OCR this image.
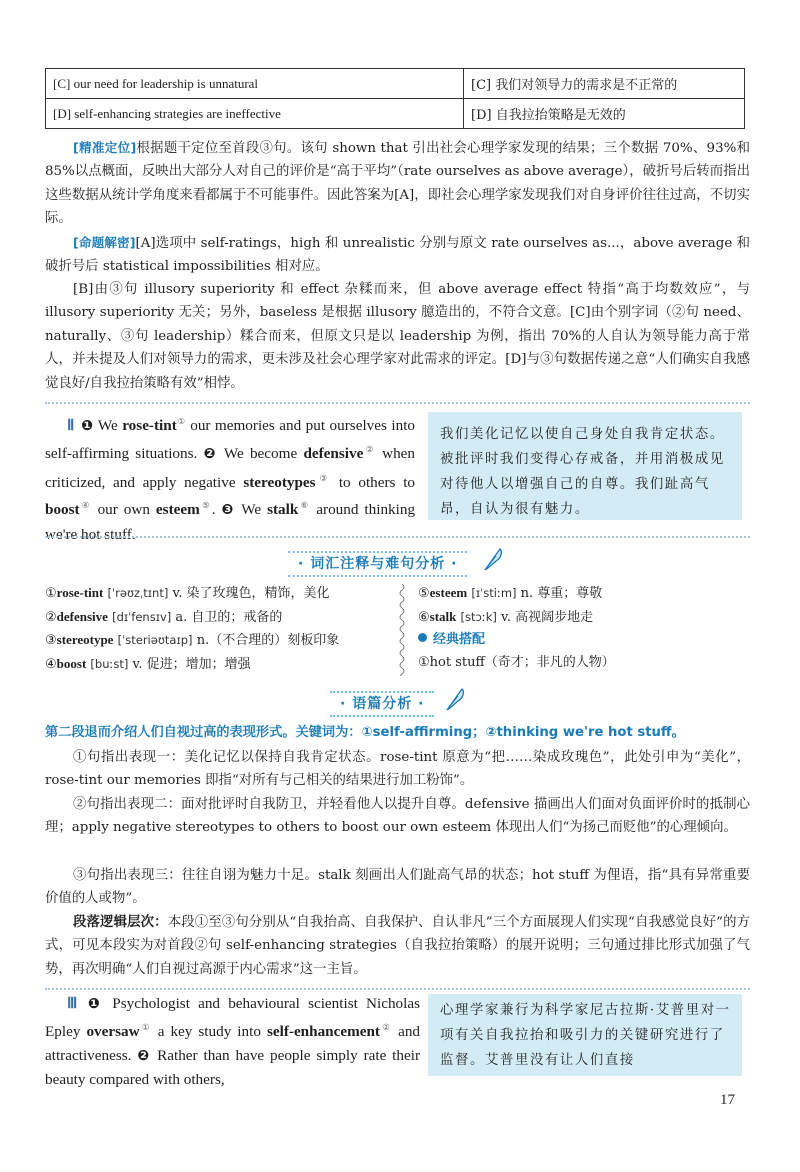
[C] our need for leadership is unnatural	[C] 我们对领导力的需求是不正常的
[D] self-enhancing strategies are ineffective	[D] 自我拉抬策略是无效的

[精准定位]根据题干定位至首段③句。该句 shown that 引出社会心理学家发现的结果；三个数据 70%、93%和 85%以点概面，反映出大部分人对自己的评价是“高于平均”（rate ourselves as above average），破折号后转而指出这些数据从统计学角度来看都属于不可能事件。因此答案为[A]，即社会心理学家发现我们对自身评价往往过高，不切实际。

[命题解密][A]选项中 self-ratings，high 和 unrealistic 分别与原文 rate ourselves as...，above average 和破折号后 statistical impossibilities 相对应。

[B]由③句 illusory superiority 和 effect 杂糅而来，但 above average effect 特指“高于均数效应”，与 illusory superiority 无关；另外，baseless 是根据 illusory 臆造出的，不符合文意。[C]由个别字词（②句 need、naturally、③句 leadership）糅合而来，但原文只是以 leadership 为例，指出 70%的人自认为领导能力高于常人，并未提及人们对领导力的需求，更未涉及社会心理学家对此需求的评定。[D]与③句数据传递之意“人们确实自我感觉良好/自我拉抬策略有效”相悖。

Ⅱ ❶ We rose-tint① our memories and put ourselves into self-affirming situations. ❷ We become defensive② when criticized, and apply negative stereotypes③ to others to boost④ our own esteem⑤. ❸ We stalk⑥ around thinking we're hot stuff.
我们美化记忆以使自己身处自我肯定状态。被批评时我们变得心存戒备，并用消极成见对待他人以增强自己的自尊。我们趾高气昂，自认为很有魅力。
· 词汇注释与难句分析 ·
①rose-tint [ˈrəʊzˌtɪnt] v. 染了玫瑰色，精饰，美化
②defensive [dɪˈfensɪv] a. 自卫的；戒备的
③stereotype [ˈsteriəʊtaɪp] n.（不合理的）刻板印象
④boost [buːst] v. 促进；增加；增强
⑤esteem [ɪˈstiːm] n. 尊重；尊敬
⑥stalk [stɔːk] v. 高视阔步地走
经典搭配
①hot stuff（奇才；非凡的人物）
· 语篇分析 ·

第二段退而介绍人们自视过高的表现形式。关键词为：①self-affirming；②thinking we're hot stuff。

①句指出表现一：美化记忆以保持自我肯定状态。rose-tint 原意为“把……染成玫瑰色”，此处引申为“美化”，rose-tint our memories 即指“对所有与己相关的结果进行加工粉饰”。

②句指出表现二：面对批评时自我防卫，并轻看他人以提升自尊。defensive 描画出人们面对负面评价时的抵制心理；apply negative stereotypes to others to boost our own esteem 体现出人们“为扬己而贬他”的心理倾向。

③句指出表现三：往往自诩为魅力十足。stalk 刻画出人们趾高气昂的状态；hot stuff 为俚语，指“具有异常重要价值的人或物”。

段落逻辑层次：本段①至③句分别从“自我抬高、自我保护、自认非凡”三个方面展现人们实现“自我感觉良好”的方式，可见本段实为对首段②句 self-enhancing strategies（自我拉抬策略）的展开说明；三句通过排比形式加强了气势，再次明确“人们自视过高源于内心需求”这一主旨。

Ⅲ ❶ Psychologist and behavioural scientist Nicholas Epley oversaw① a key study into self-enhancement② and attractiveness. ❷ Rather than have people simply rate their beauty compared with others,
心理学家兼行为科学家尼古拉斯·艾普里对一项有关自我拉抬和吸引力的关键研究进行了监督。艾普里没有让人们直接
17
